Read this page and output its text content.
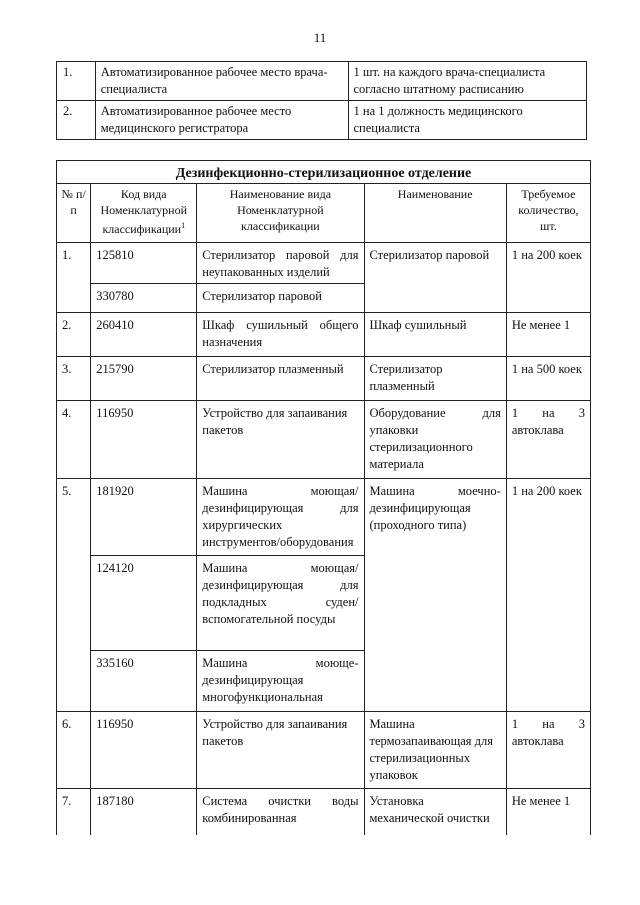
11
1.	Автоматизированное рабочее место врача-специалиста	1 шт. на каждого врача-специалиста согласно штатному расписанию
2.	Автоматизированное рабочее место медицинского регистратора	1 на 1 должность медицинского специалиста
Дезинфекционно-стерилизационное отделение				
№ п/п	Код вида Номенклатурной классификации$^1$	Наименование вида Номенклатурной классификации	Наименование	Требуемое количество, шт.
1.	125810	Стерилизатор паровой для неупакованных изделий	Стерилизатор паровой	1 на 200 коек
	330780	Стерилизатор паровой		
2.	260410	Шкаф сушильный общего назначения	Шкаф сушильный	Не менее 1
3.	215790	Стерилизатор плазменный	Стерилизатор плазменный	1 на 500 коек
4.	116950	Устройство для запаивания пакетов	Оборудование для упаковки стерилизационного материала	1 на 3 автоклава
5.	181920	Машина моющая/дезинфицирующая для хирургических инструментов/оборудования	Машина моечно-дезинфицирующая (проходного типа)	1 на 200 коек
	124120	Машина моющая/дезинфицирующая для подкладных суден/вспомогательной посуды		
	335160	Машина моюще-дезинфицирующая многофункциональная		
6.	116950	Устройство для запаивания пакетов	Машина термозапаивающая для стерилизационных упаковок	1 на 3 автоклава
7.	187180	Система очистки воды комбинированная	Установка механической очистки	Не менее 1
